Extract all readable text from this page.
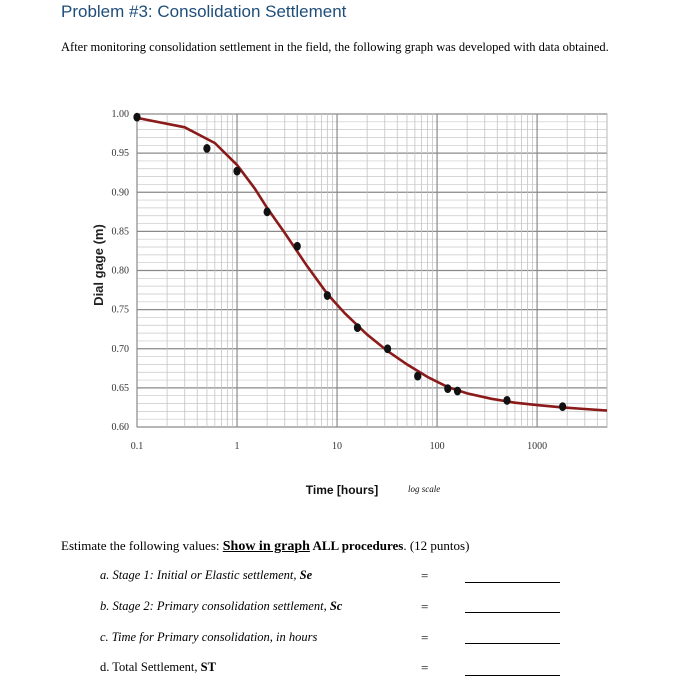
Problem #3: Consolidation Settlement
After monitoring consolidation settlement in the field, the following graph was developed with data obtained.
1.00
0.95
0.90
0.85
0.80
0.75
0.70
0.65
0.60
0.1	1	10	100	1000
Dial gage (m)
Time [hours]	log scale
Estimate the following values: Show in graph ALL procedures. (12 puntos)
a. Stage 1: Initial or Elastic settlement, Se	=
b. Stage 2: Primary consolidation settlement, Sc	=
c. Time for Primary consolidation, in hours	=
d. Total Settlement, ST	=
